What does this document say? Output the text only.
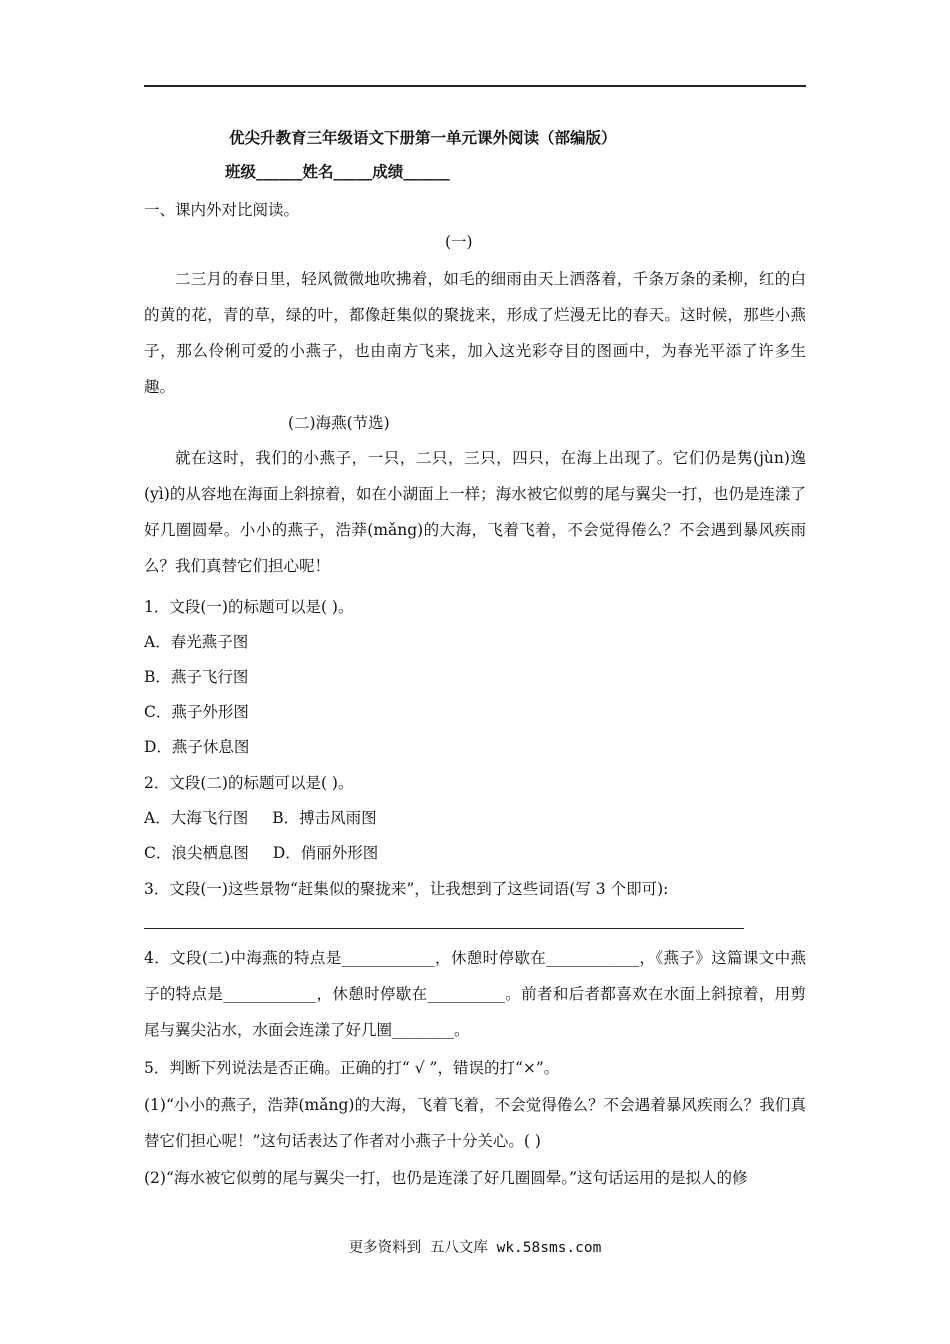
优尖升教育三年级语文下册第一单元课外阅读（部编版）
班级______姓名_____成绩______
一、课内外对比阅读。
(一)
二三月的春日里，轻风微微地吹拂着，如毛的细雨由天上洒落着，千条万条的柔柳，红的白的黄的花，青的草，绿的叶，都像赶集似的聚拢来，形成了烂漫无比的春天。这时候，那些小燕子，那么伶俐可爱的小燕子，也由南方飞来，加入这光彩夺目的图画中，为春光平添了许多生趣。
(二)海燕(节选)
就在这时，我们的小燕子，一只，二只，三只，四只，在海上出现了。它们仍是隽(jùn)逸(yì)的从容地在海面上斜掠着，如在小湖面上一样；海水被它似剪的尾与翼尖一打，也仍是连漾了好几圈圆晕。小小的燕子，浩莽(mǎng)的大海，飞着飞着，不会觉得倦么？不会遇到暴风疾雨么？我们真替它们担心呢！
1．文段(一)的标题可以是( )。
A．春光燕子图
B．燕子飞行图
C．燕子外形图
D．燕子休息图
2．文段(二)的标题可以是( )。
A．大海飞行图 B．搏击风雨图
C．浪尖栖息图 D．俏丽外形图
3．文段(一)这些景物“赶集似的聚拢来”，让我想到了这些词语(写 3 个即可):
4．文段(二)中海燕的特点是____________，休憩时停歇在____________，《燕子》这篇课文中燕子的特点是____________，休憩时停歇在__________。前者和后者都喜欢在水面上斜掠着，用剪尾与翼尖沾水，水面会连漾了好几圈________。
5．判断下列说法是否正确。正确的打“ √ ”，错误的打“×”。
(1)“小小的燕子，浩莽(mǎng)的大海，飞着飞着，不会觉得倦么？不会遇着暴风疾雨么？我们真替它们担心呢！”这句话表达了作者对小燕子十分关心。( )
(2)“海水被它似剪的尾与翼尖一打，也仍是连漾了好几圈圆晕。”这句话运用的是拟人的修
更多资料到 五八文库 wk.58sms.com
